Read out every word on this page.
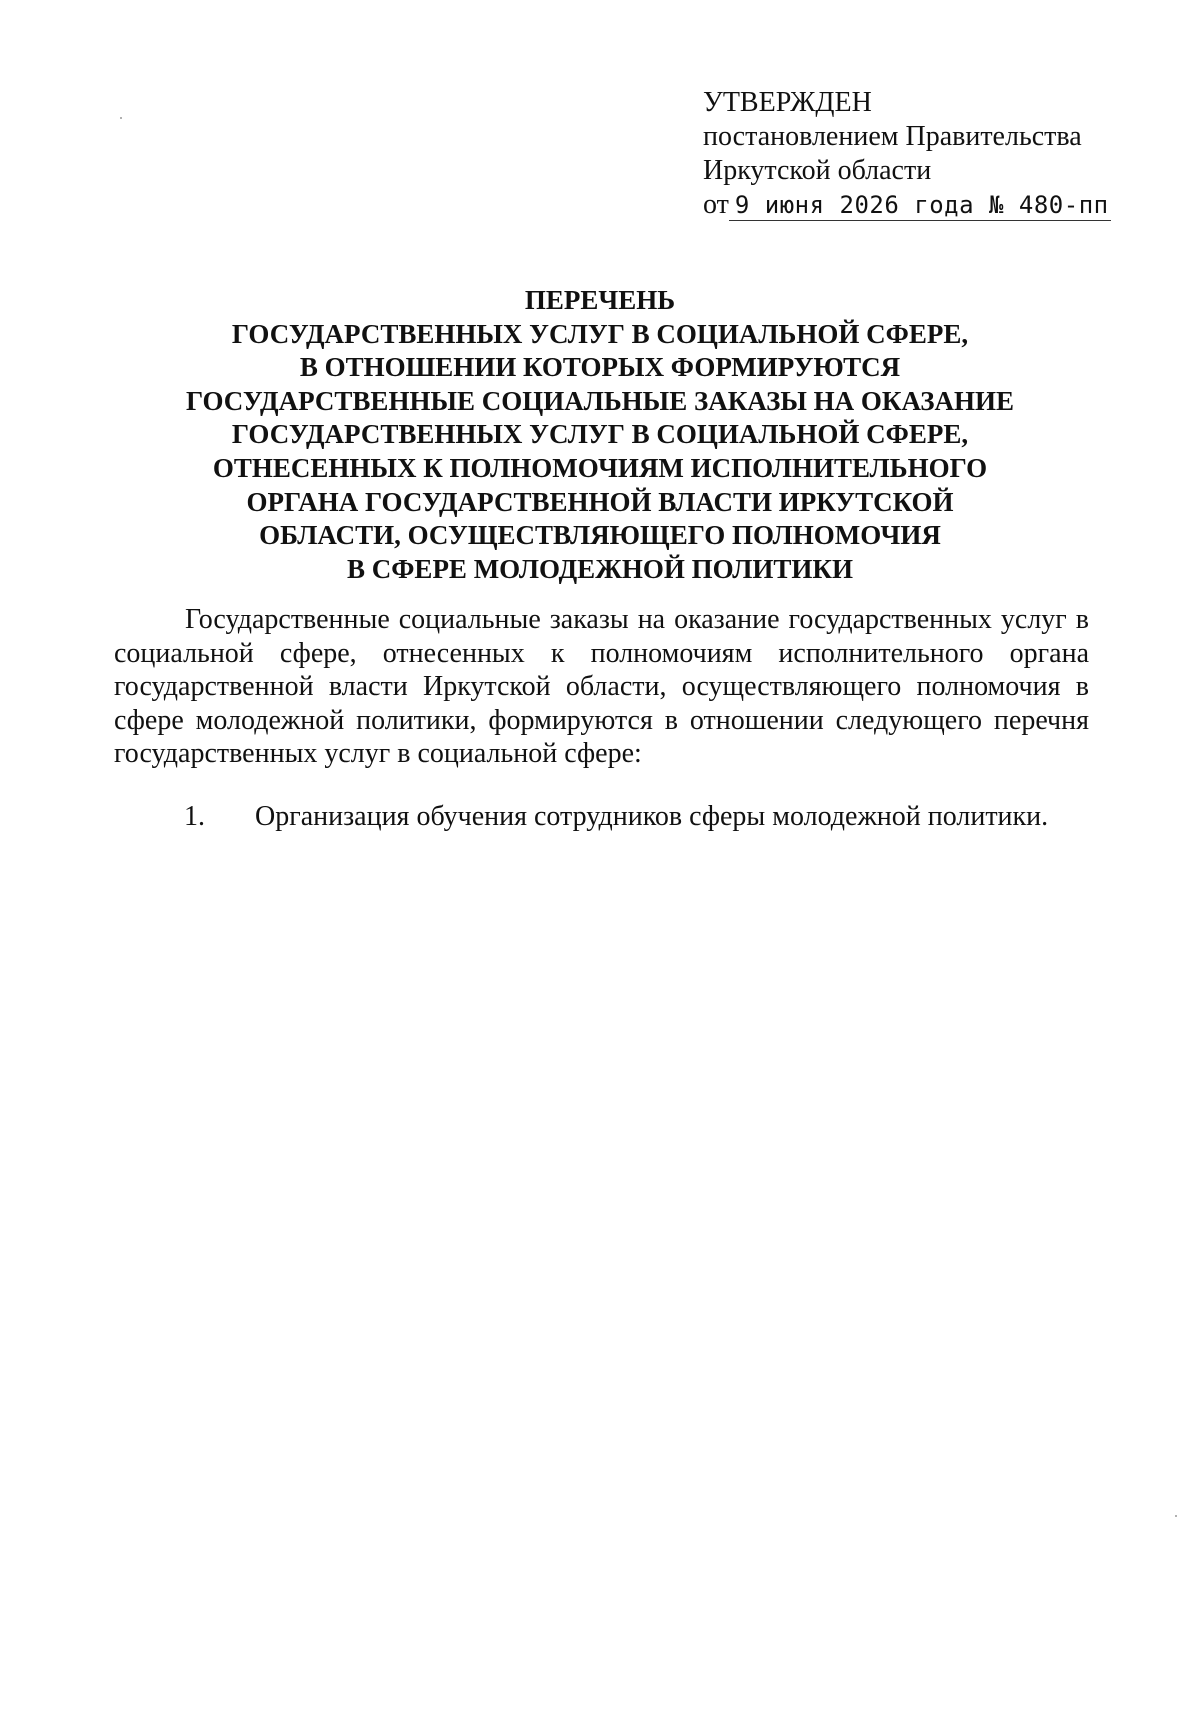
УТВЕРЖДЕН
постановлением Правительства
Иркутской области
от 9 июня 2026 года № 480-пп
ПЕРЕЧЕНЬ
ГОСУДАРСТВЕННЫХ УСЛУГ В СОЦИАЛЬНОЙ СФЕРЕ,
В ОТНОШЕНИИ КОТОРЫХ ФОРМИРУЮТСЯ
ГОСУДАРСТВЕННЫЕ СОЦИАЛЬНЫЕ ЗАКАЗЫ НА ОКАЗАНИЕ
ГОСУДАРСТВЕННЫХ УСЛУГ В СОЦИАЛЬНОЙ СФЕРЕ,
ОТНЕСЕННЫХ К ПОЛНОМОЧИЯМ ИСПОЛНИТЕЛЬНОГО
ОРГАНА ГОСУДАРСТВЕННОЙ ВЛАСТИ ИРКУТСКОЙ
ОБЛАСТИ, ОСУЩЕСТВЛЯЮЩЕГО ПОЛНОМОЧИЯ
В СФЕРЕ МОЛОДЕЖНОЙ ПОЛИТИКИ

Государственные социальные заказы на оказание государственных услуг в социальной сфере, отнесенных к полномочиям исполнительного органа государственной власти Иркутской области, осуществляющего полномочия в сфере молодежной политики, формируются в отношении следующего перечня государственных услуг в социальной сфере:

1. Организация обучения сотрудников сферы молодежной политики.
